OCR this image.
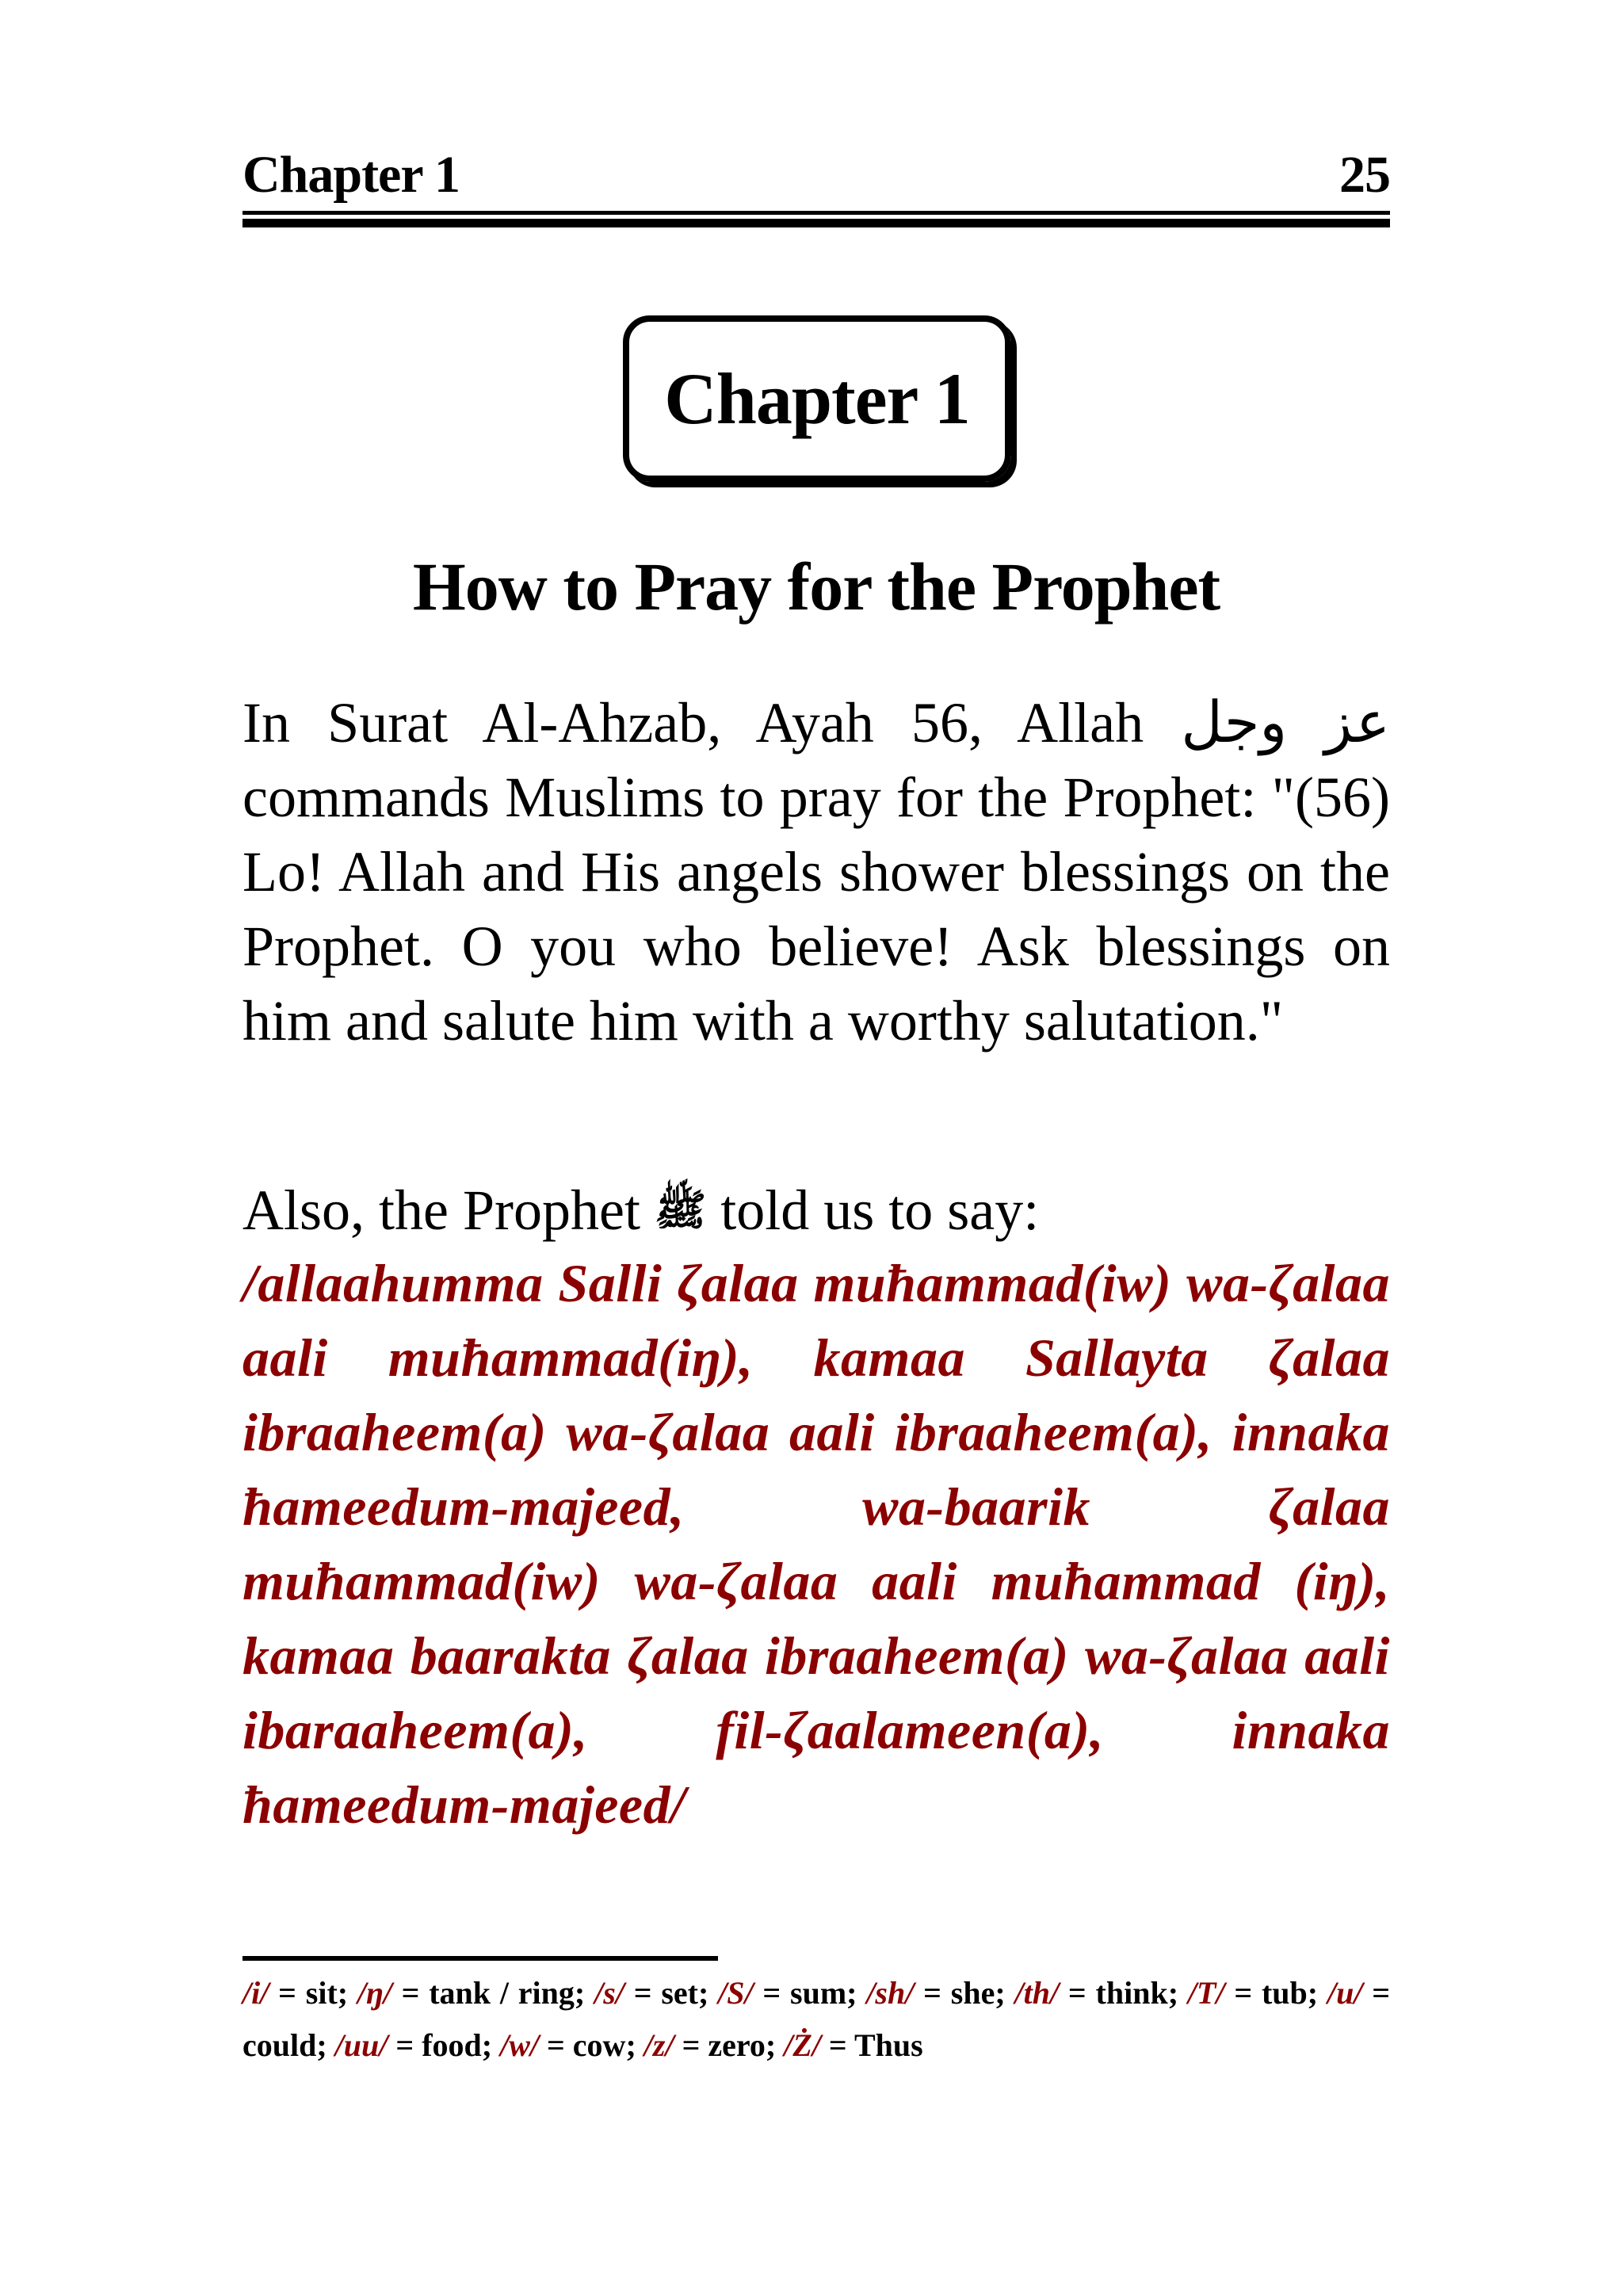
Chapter 1	25
Chapter 1
How to Pray for the Prophet

In Surat Al-Ahzab, Ayah 56, Allah عز وجل commands Muslims to pray for the Prophet: "(56) Lo! Allah and His angels shower blessings on the Prophet. O you who believe! Ask blessings on him and salute him with a worthy salutation."

Also, the Prophet ﷺ told us to say:

/allaahumma Salli ζalaa muħammad(iw) wa-ζalaa aali muħammad(iŋ), kamaa Sallayta ζalaa ibraaheem(a) wa-ζalaa aali ibraaheem(a), innaka ħameedum-majeed, wa-baarik ζalaa muħammad(iw) wa-ζalaa aali muħammad (iŋ), kamaa baarakta ζalaa ibraaheem(a) wa-ζalaa aali ibaraaheem(a), fil-ζaalameen(a), innaka ħameedum-majeed/

/i/ = sit; /ŋ/ = tank / ring; /s/ = set; /S/ = sum; /sh/ = she; /th/ = think; /T/ = tub; /u/ = could; /uu/ = food; /w/ = cow; /z/ = zero; /Ż/ = Thus
